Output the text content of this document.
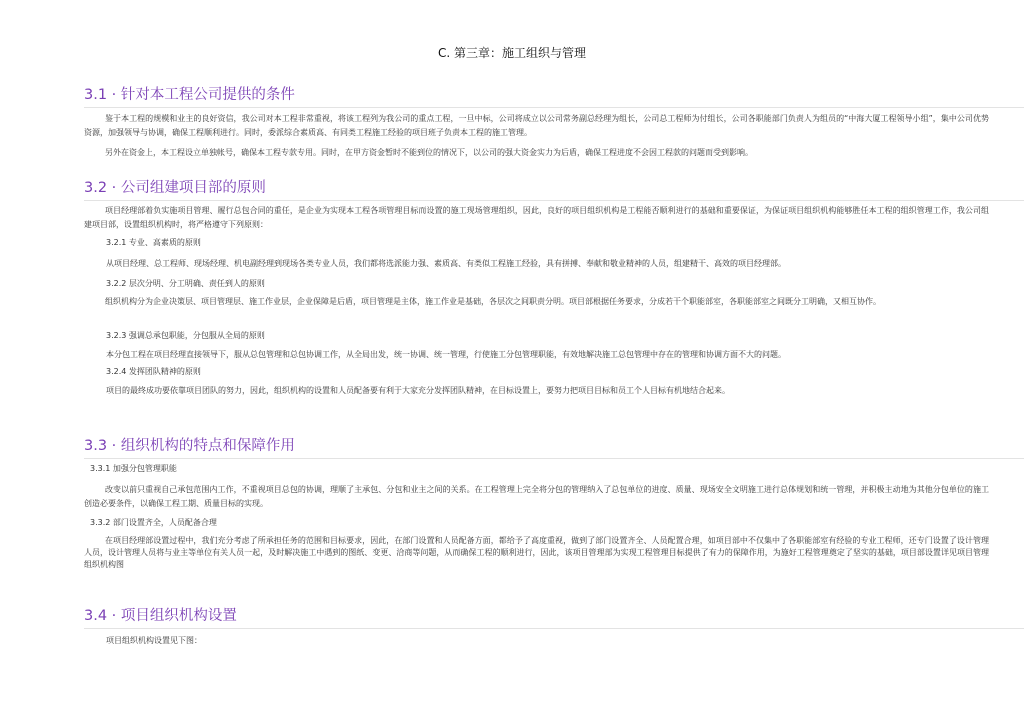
C. 第三章：施工组织与管理
3.1 · 针对本工程公司提供的条件

鉴于本工程的规模和业主的良好资信，我公司对本工程非常重视，将该工程列为我公司的重点工程，一旦中标，公司将成立以公司常务副总经理为组长，公司总工程师为付组长，公司各职能部门负责人为组员的“中海大厦工程领导小组”，集中公司优势资源，加强领导与协调，确保工程顺利进行。同时，委派综合素质高、有同类工程施工经验的项目班子负责本工程的施工管理。

另外在资金上，本工程设立单独帐号，确保本工程专款专用。同时，在甲方资金暂时不能到位的情况下，以公司的强大资金实力为后盾，确保工程进度不会因工程款的问题而受到影响。

3.2 · 公司组建项目部的原则

项目经理部着负实施项目管理、履行总包合同的重任，是企业为实现本工程各项管理目标而设置的施工现场管理组织，因此，良好的项目组织机构是工程能否顺利进行的基础和重要保证，为保证项目组织机构能够胜任本工程的组织管理工作，我公司组建项目部，设置组织机构时，将严格遵守下列原则：

3.2.1 专业、高素质的原则
从项目经理、总工程师、现场经理、机电副经理到现场各类专业人员，我们都将选派能力强、素质高、有类似工程施工经验，具有拼搏、奉献和敬业精神的人员，组建精干、高效的项目经理部。
3.2.2 层次分明、分工明确、责任到人的原则

组织机构分为企业决策层、项目管理层、施工作业层，企业保障是后盾，项目管理是主体，施工作业是基础，各层次之间职责分明。项目部根据任务要求，分成若干个职能部室，各职能部室之间既分工明确，又相互协作。

3.2.3 强调总承包职能，分包服从全局的原则
本分包工程在项目经理直接领导下，服从总包管理和总包协调工作，从全局出发，统一协调、统一管理，行使施工分包管理职能，有效地解决施工总包管理中存在的管理和协调方面不大的问题。
3.2.4 发挥团队精神的原则
项目的最终成功要依靠项目团队的努力，因此，组织机构的设置和人员配备要有利于大家充分发挥团队精神，在目标设置上，要努力把项目目标和员工个人目标有机地结合起来。
3.3 · 组织机构的特点和保障作用
3.3.1 加强分包管理职能

改变以前只重视自己承包范围内工作，不重视项目总包的协调，理顺了主承包、分包和业主之间的关系。在工程管理上完全将分包的管理纳入了总包单位的进度、质量、现场安全文明施工进行总体规划和统一管理，并积极主动地为其他分包单位的施工创造必要条件，以确保工程工期、质量目标的实现。

3.3.2 部门设置齐全，人员配备合理

在项目经理部设置过程中，我们充分考虑了所承担任务的范围和目标要求，因此，在部门设置和人员配备方面，都给予了高度重视，做到了部门设置齐全、人员配置合理，如项目部中不仅集中了各职能部室有经验的专业工程师，还专门设置了设计管理人员，设计管理人员将与业主等单位有关人员一起，及时解决施工中遇到的图纸、变更、洽商等问题，从而确保工程的顺利进行，因此，该项目管理部为实现工程管理目标提供了有力的保障作用，为施好工程管理奠定了坚实的基础，项目部设置详见项目管理组织机构图

3.4 · 项目组织机构设置
项目组织机构设置见下图：
